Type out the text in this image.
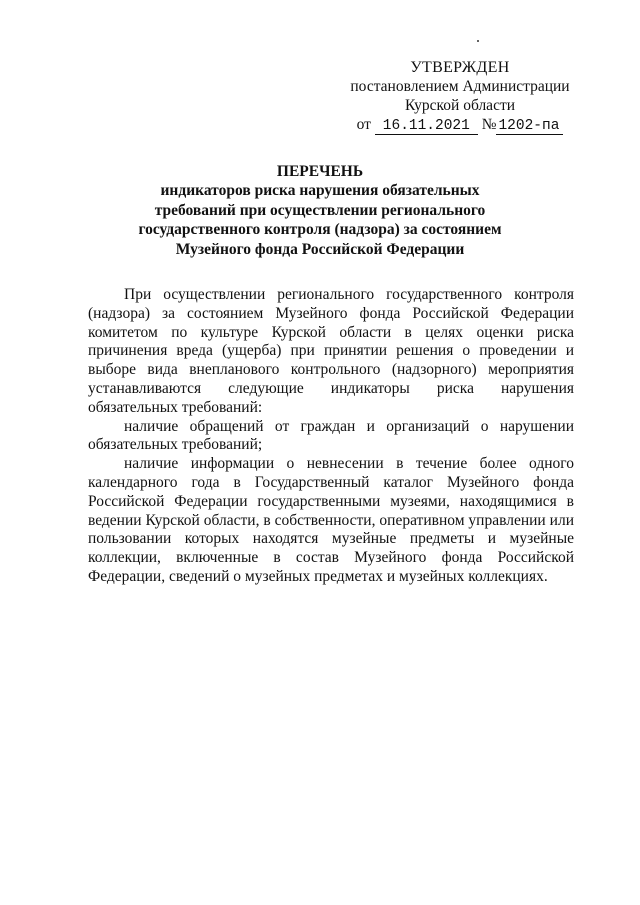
УТВЕРЖДЕН
постановлением Администрации
Курской области
от 16.11.2021 № 1202-па
ПЕРЕЧЕНЬ
индикаторов риска нарушения обязательных
требований при осуществлении регионального
государственного контроля (надзора) за состоянием
Музейного фонда Российской Федерации

При осуществлении регионального государственного контроля (надзора) за состоянием Музейного фонда Российской Федерации комитетом по культуре Курской области в целях оценки риска причинения вреда (ущерба) при принятии решения о проведении и выборе вида внепланового контрольного (надзорного) мероприятия устанавливаются следующие индикаторы риска нарушения обязательных требований:

наличие обращений от граждан и организаций о нарушении обязательных требований;

наличие информации о невнесении в течение более одного календарного года в Государственный каталог Музейного фонда Российской Федерации государственными музеями, находящимися в ведении Курской области, в собственности, оперативном управлении или пользовании которых находятся музейные предметы и музейные коллекции, включенные в состав Музейного фонда Российской Федерации, сведений о музейных предметах и музейных коллекциях.
